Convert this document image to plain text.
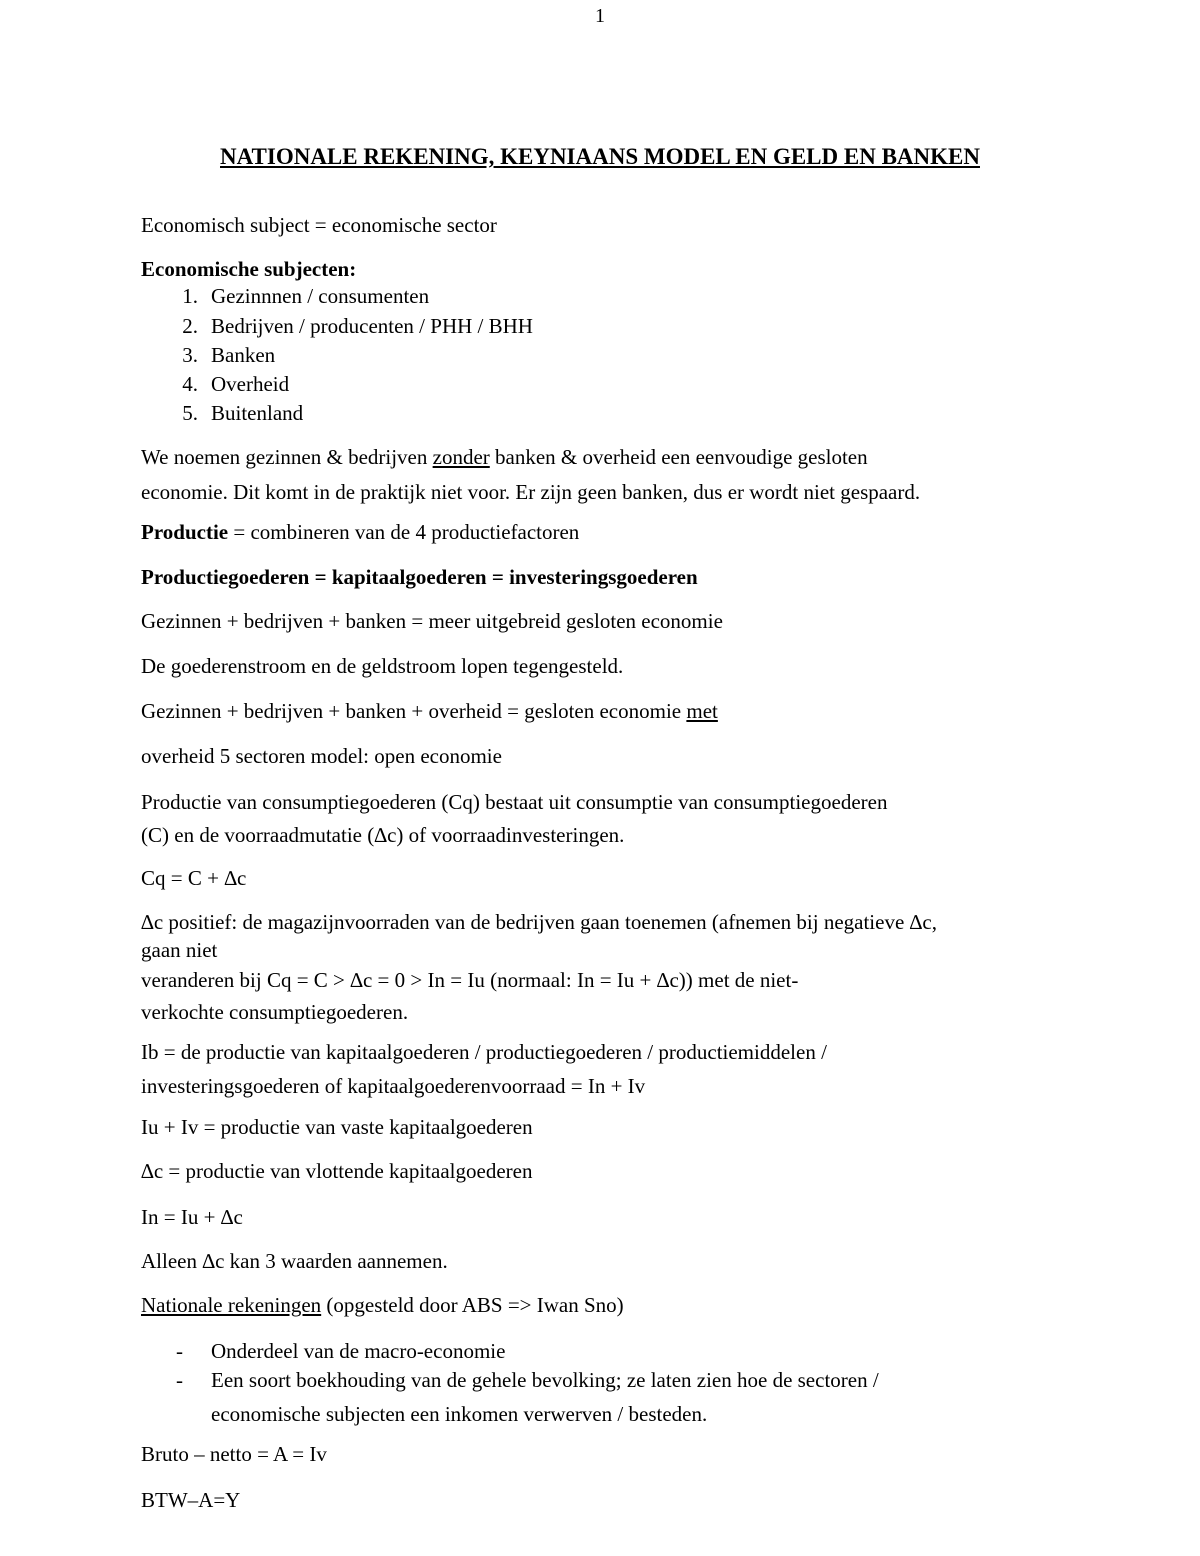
1
NATIONALE REKENING, KEYNIAANS MODEL EN GELD EN BANKEN
Economisch subject = economische sector
Economische subjecten:
1. Gezinnnen / consumenten
2. Bedrijven / producenten / PHH / BHH
3. Banken
4. Overheid
5. Buitenland
We noemen gezinnen & bedrijven zonder banken & overheid een eenvoudige gesloten
economie. Dit komt in de praktijk niet voor. Er zijn geen banken, dus er wordt niet gespaard.
Productie = combineren van de 4 productiefactoren
Productiegoederen = kapitaalgoederen = investeringsgoederen
Gezinnen + bedrijven + banken = meer uitgebreid gesloten economie
De goederenstroom en de geldstroom lopen tegengesteld.
Gezinnen + bedrijven + banken + overheid = gesloten economie met
overheid 5 sectoren model: open economie
Productie van consumptiegoederen (Cq) bestaat uit consumptie van consumptiegoederen
(C) en de voorraadmutatie (∆c) of voorraadinvesteringen.
Cq = C + ∆c
∆c positief: de magazijnvoorraden van de bedrijven gaan toenemen (afnemen bij negatieve ∆c,
gaan niet
veranderen bij Cq = C > ∆c = 0 > In = Iu (normaal: In = Iu + ∆c)) met de niet-
verkochte consumptiegoederen.
Ib = de productie van kapitaalgoederen / productiegoederen / productiemiddelen /
investeringsgoederen of kapitaalgoederenvoorraad = In + Iv
Iu + Iv = productie van vaste kapitaalgoederen
∆c = productie van vlottende kapitaalgoederen
In = Iu + ∆c
Alleen ∆c kan 3 waarden aannemen.
Nationale rekeningen (opgesteld door ABS => Iwan Sno)
- Onderdeel van de macro-economie
- Een soort boekhouding van de gehele bevolking; ze laten zien hoe de sectoren /
economische subjecten een inkomen verwerven / besteden.
Bruto – netto = A = Iv
BTW–A=Y
